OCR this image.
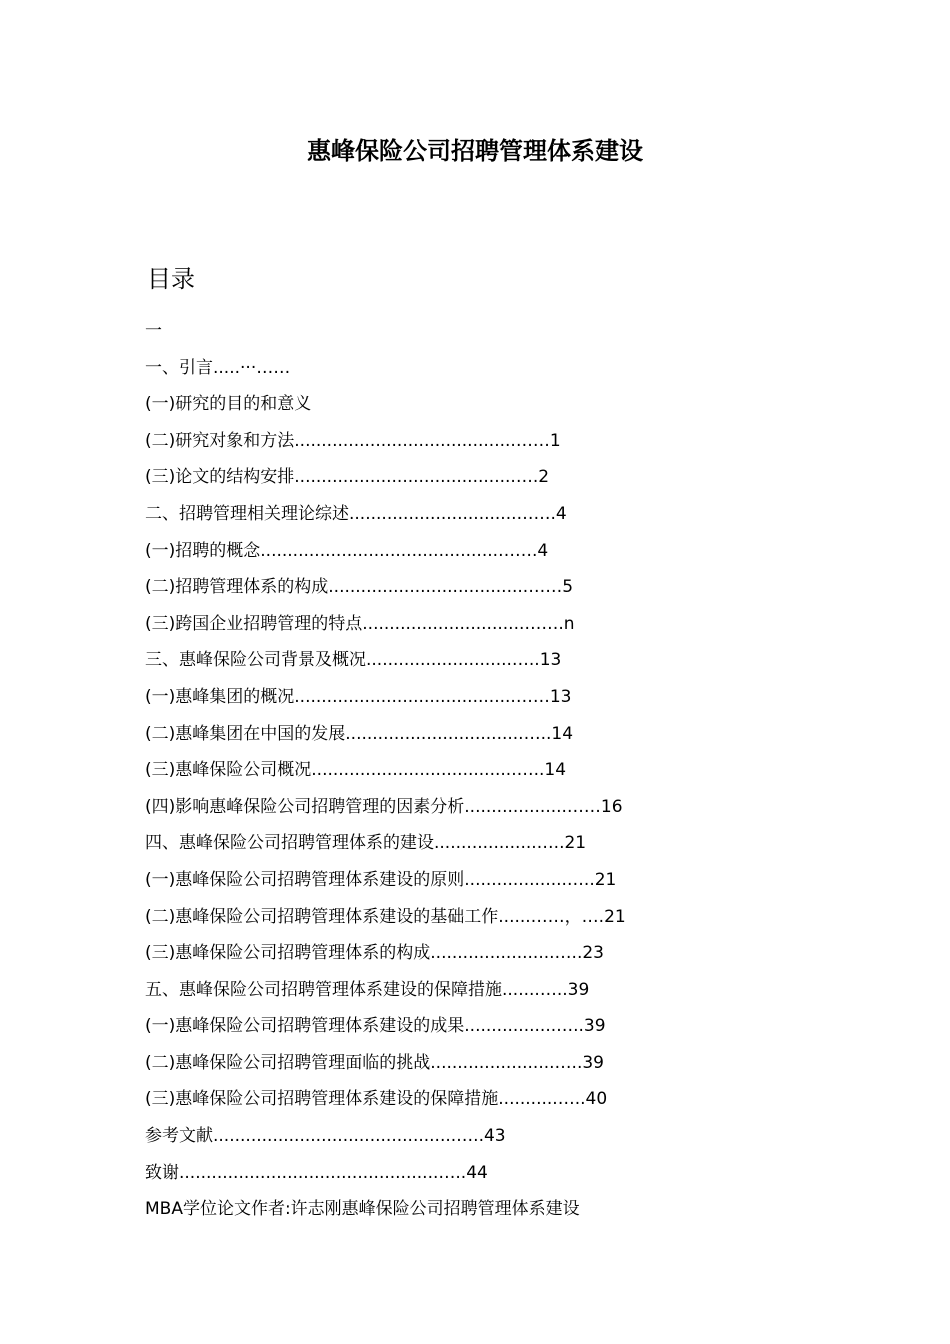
惠峰保险公司招聘管理体系建设
目录
一
一、引言.....···……
(一)研究的目的和意义
(二)研究对象和方法.........................................……1
(三)论文的结构安排.........................................….2
二、招聘管理相关理论综述...............................…….4
(一)招聘的概念............................................…….4
(二)招聘管理体系的构成.....................................……5
(三)跨国企业招聘管理的特点..............................…….n
三、惠峰保险公司背景及概况...........................…..13
(一)惠峰集团的概况.........................................……13
(二)惠峰集团在中国的发展.................................…..14
(三)惠峰保险公司概况......................................…..14
(四)影响惠峰保险公司招聘管理的因素分析...................……16
四、惠峰保险公司招聘管理体系的建设...................…..21
(一)惠峰保险公司招聘管理体系建设的原则...................…..21
(二)惠峰保险公司招聘管理体系建设的基础工作......……，….21
(三)惠峰保险公司招聘管理体系的构成.......................…..23
五、惠峰保险公司招聘管理体系建设的保障措施.......…..39
(一)惠峰保险公司招聘管理体系建设的成果.................…..39
(二)惠峰保险公司招聘管理面临的挑战.......................…..39
(三)惠峰保险公司招聘管理体系建设的保障措施...........…..40
参考文献.............................................…..43
致谢................................................…..44
MBA学位论文作者:许志刚惠峰保险公司招聘管理体系建设
